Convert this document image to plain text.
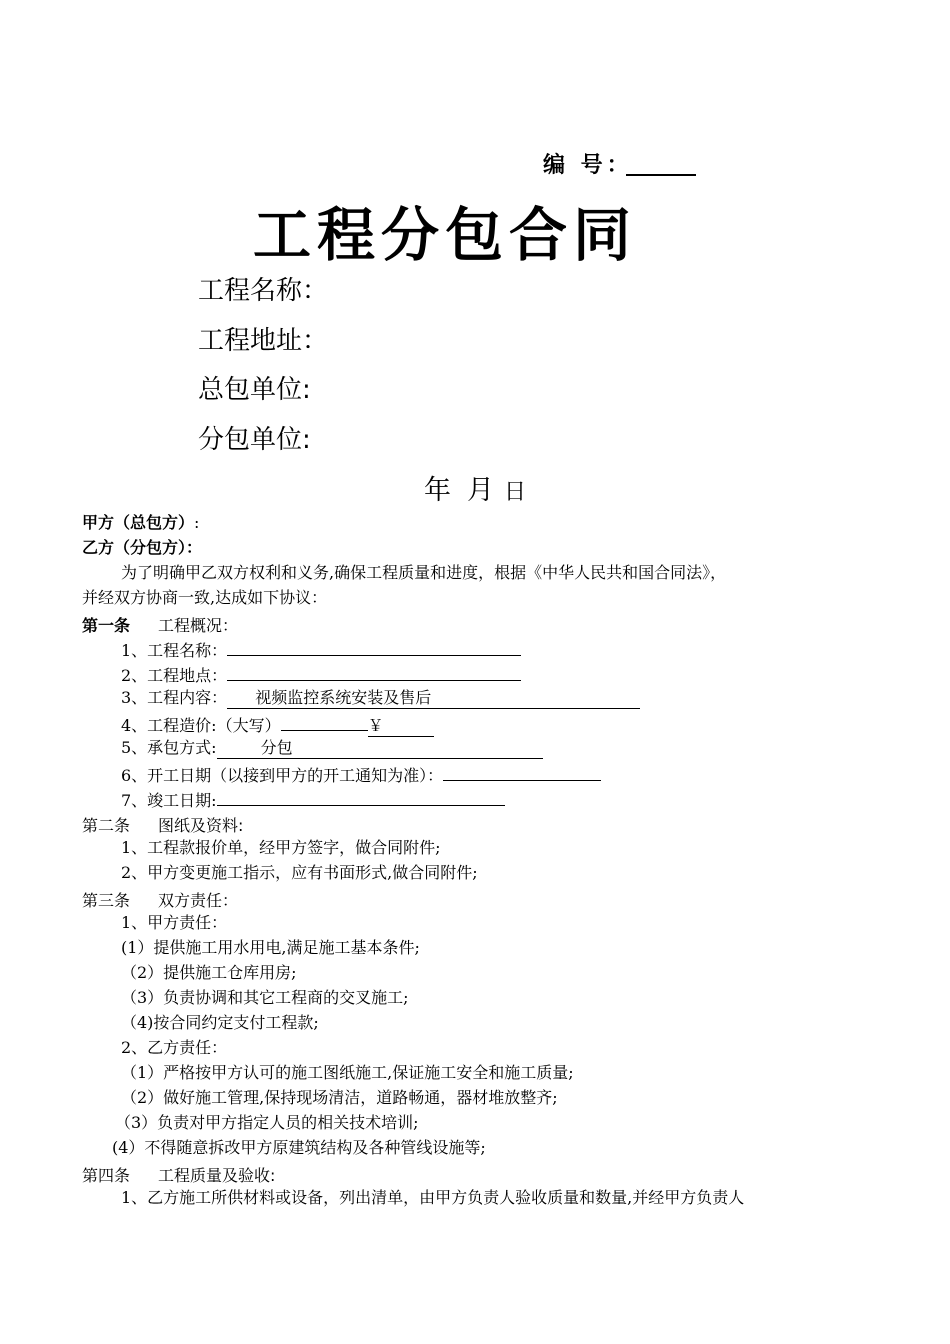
编 号：
工程分包合同
工程名称：
工程地址：
总包单位:
分包单位:
年 月 日
甲方（总包方）:
乙方（分包方）：
为了明确甲乙双方权利和义务,确保工程质量和进度，根据《中华人民共和国合同法》，
并经双方协商一致,达成如下协议：
第一条 工程概况：
1、工程名称：
2、工程地点：
3、工程内容： 视频监控系统安装及售后
4、工程造价:（大写）	￥
5、承包方式:	分包
6、开工日期（以接到甲方的开工通知为准）：
7、竣工日期:
第二条 图纸及资料:
1、工程款报价单，经甲方签字，做合同附件;
2、甲方变更施工指示，应有书面形式,做合同附件;
第三条 双方责任：
1、甲方责任：
(1）提供施工用水用电,满足施工基本条件;
（2）提供施工仓库用房;
（3）负责协调和其它工程商的交叉施工;
（4)按合同约定支付工程款;
2、乙方责任：
（1）严格按甲方认可的施工图纸施工,保证施工安全和施工质量;
（2）做好施工管理,保持现场清洁，道路畅通，器材堆放整齐;
（3）负责对甲方指定人员的相关技术培训;
(4）不得随意拆改甲方原建筑结构及各种管线设施等;
第四条 工程质量及验收:
1、乙方施工所供材料或设备，列出清单，由甲方负责人验收质量和数量,并经甲方负责人
